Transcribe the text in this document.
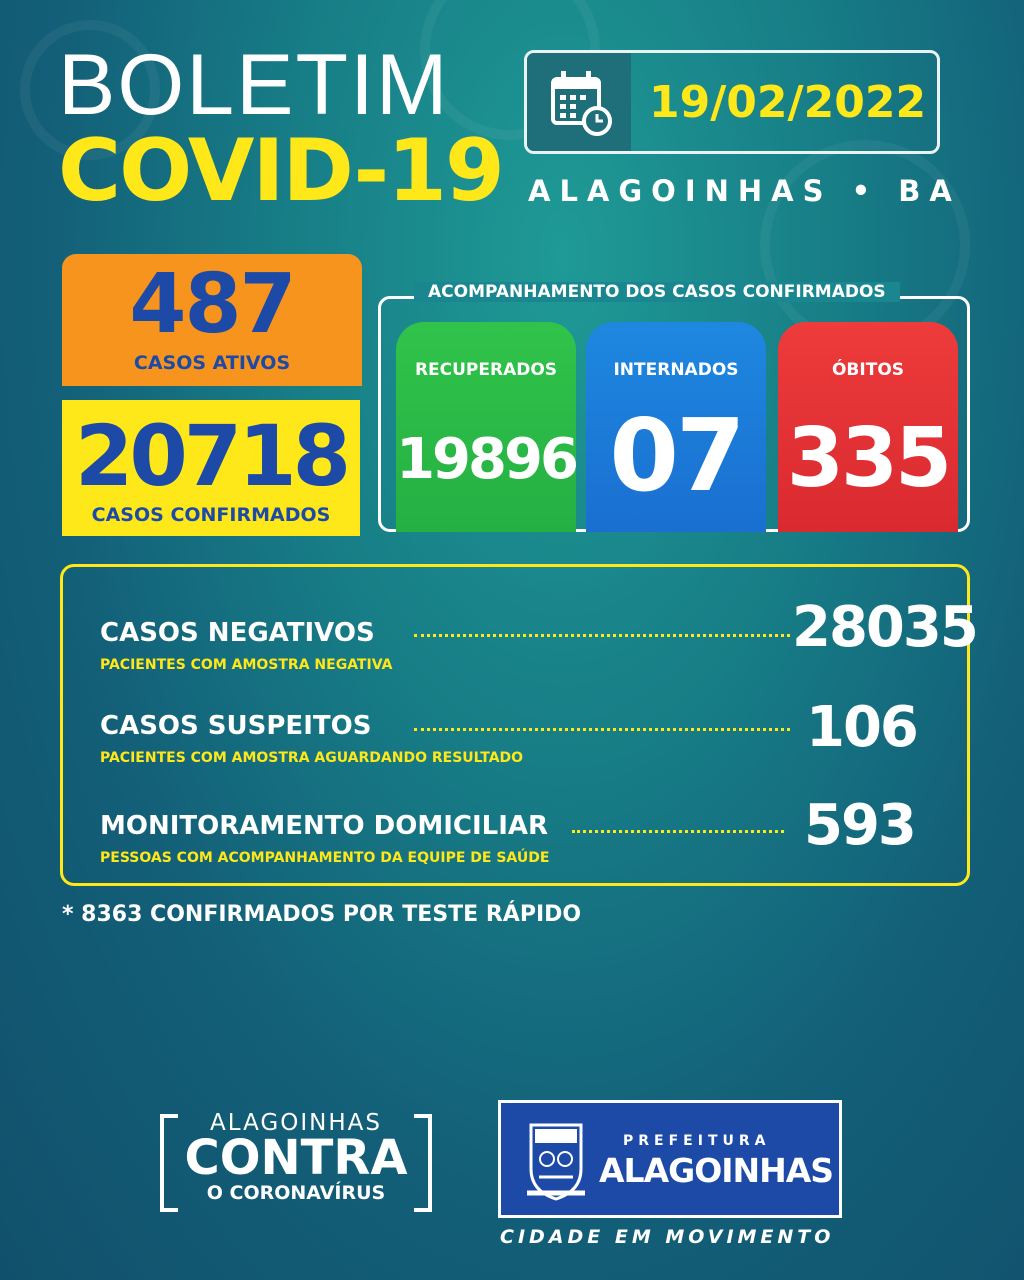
BOLETIM
COVID-19
19/02/2022
ALAGOINHAS • BA
487
CASOS ATIVOS
20718
CASOS CONFIRMADOS
ACOMPANHAMENTO DOS CASOS CONFIRMADOS
RECUPERADOS
19896
INTERNADOS
07
ÓBITOS
335
CASOS NEGATIVOS
PACIENTES COM AMOSTRA NEGATIVA
28035
CASOS SUSPEITOS
PACIENTES COM AMOSTRA AGUARDANDO RESULTADO	106
MONITORAMENTO DOMICILIAR
PESSOAS COM ACOMPANHAMENTO DA EQUIPE DE SAÚDE	593
* 8363 CONFIRMADOS POR TESTE RÁPIDO
ALAGOINHAS
CONTRA
O CORONAVÍRUS
PREFEITURA
ALAGOINHAS
CIDADE EM MOVIMENTO
